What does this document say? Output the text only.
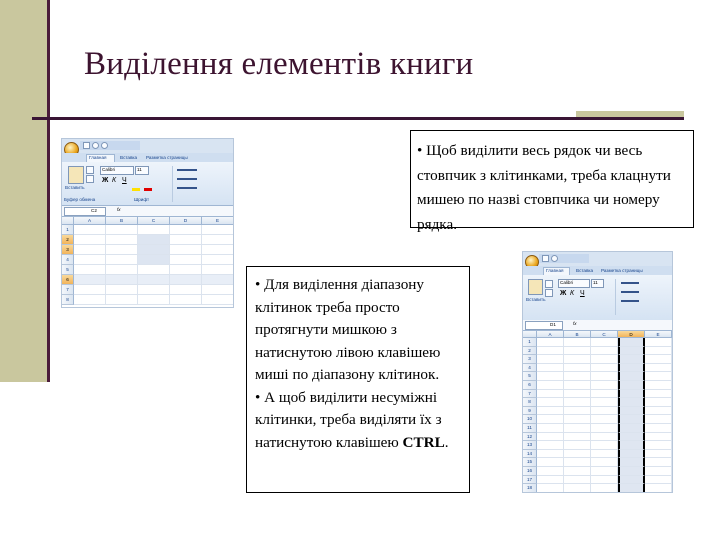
Виділення елементів книги
Главная	Вставка Разметка страницы
Вставить
Буфер обмена
Calibri	11
Ж К Ч
Шрифт
C2	fx
A	B	C	D	E
1
2
3
4
5
6
7
8
Главная	Вставка Разметка страницы
Вставить
Calibri	11
Ж К Ч
D1	fx
A	B	C	D	E
1
2
3
4
5
6
7
8
9
10
11
12
13
14
15
16
17
18
• Щоб виділити весь рядок чи весь стовпчик з клітинками, треба клацнути мишею по назві стовпчика чи номеру рядка.

• Для виділення діапазону клітинок треба просто протягнути мишкою з натиснутою лівою клавішею миші по діапазону клітинок.

• А щоб виділити несуміжні клітинки, треба виділяти їх з натиснутою клавішею CTRL.
